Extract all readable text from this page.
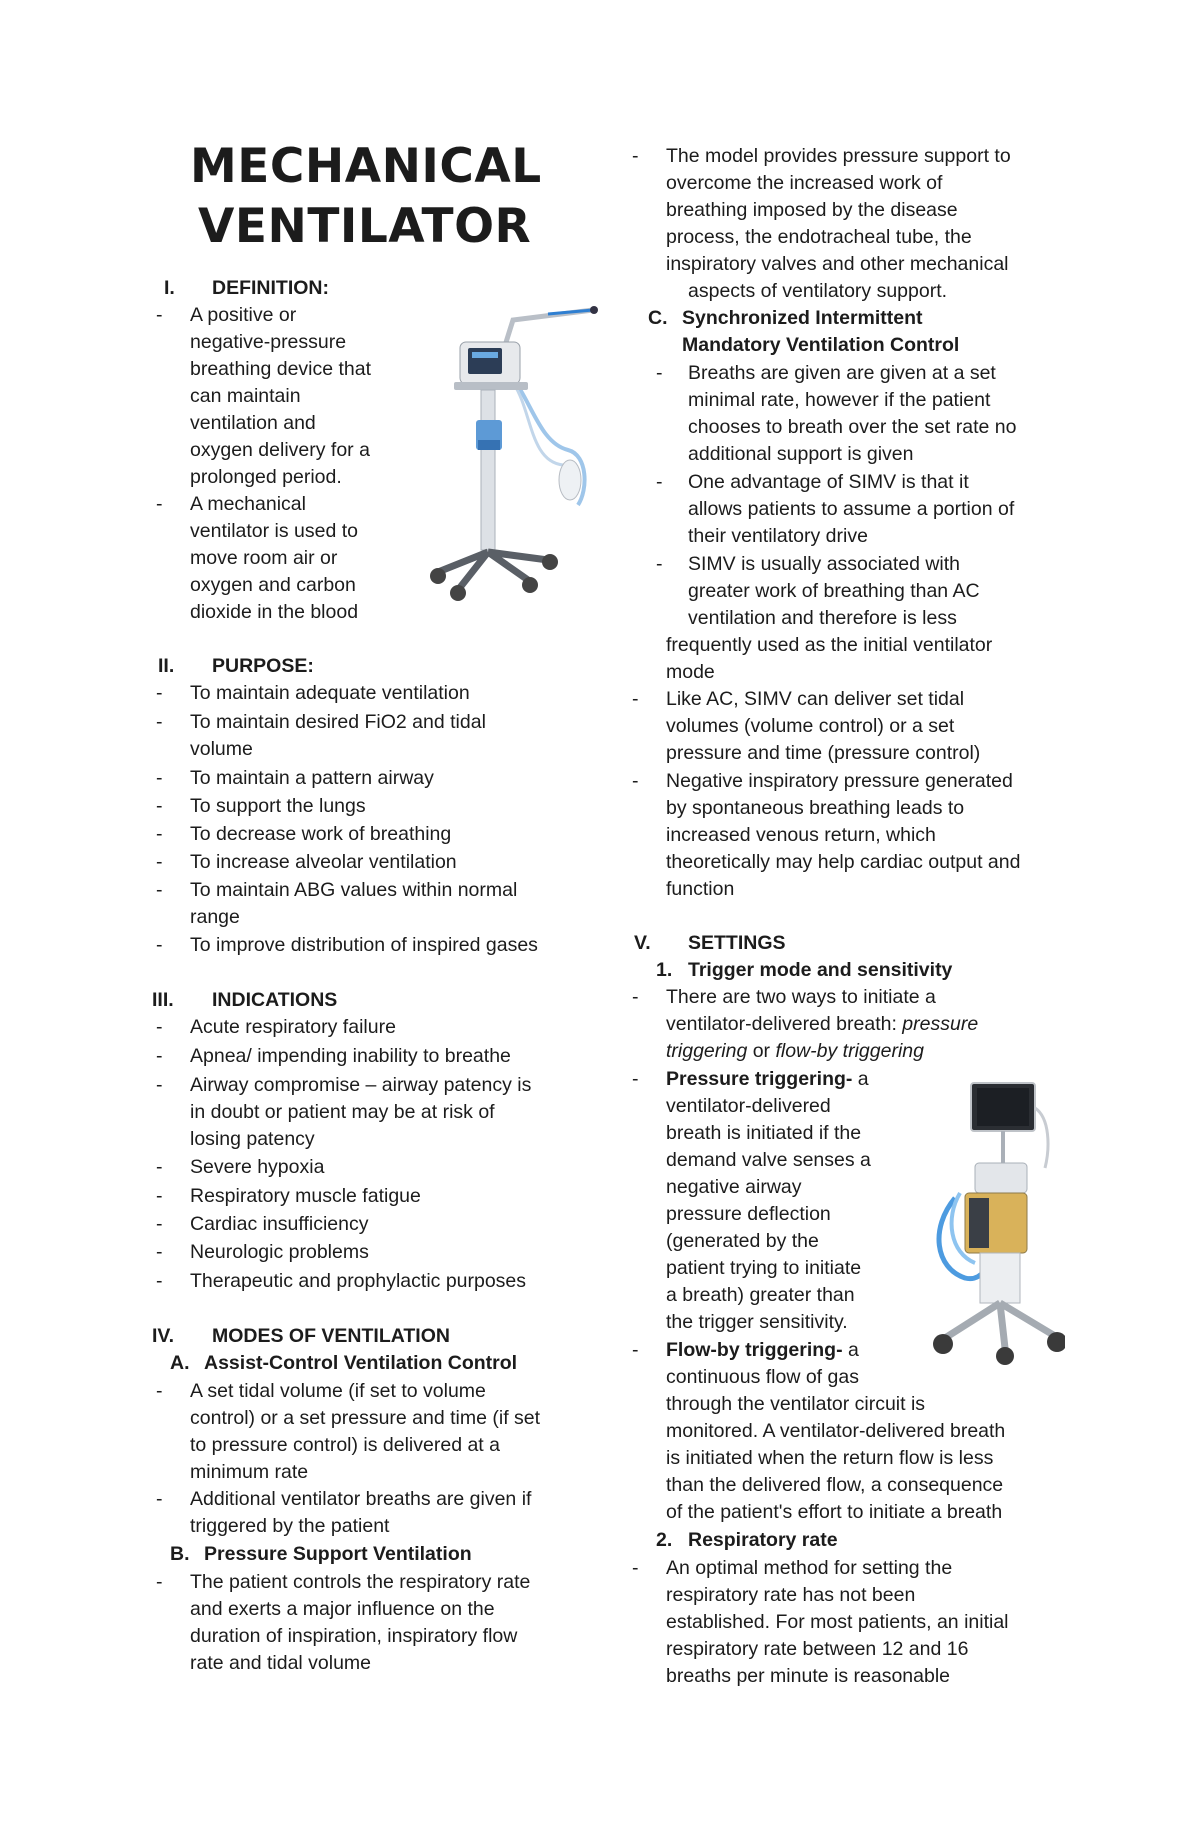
MECHANICAL
VENTILATOR
I. DEFINITION:
- A positive or
negative-pressure
breathing device that
can maintain
ventilation and
oxygen delivery for a
prolonged period.
- A mechanical
ventilator is used to
move room air or
oxygen and carbon
dioxide in the blood
II. PURPOSE:
- To maintain adequate ventilation
- To maintain desired FiO2 and tidal
volume
- To maintain a pattern airway
- To support the lungs
- To decrease work of breathing
- To increase alveolar ventilation
- To maintain ABG values within normal
range
- To improve distribution of inspired gases
III. INDICATIONS
- Acute respiratory failure
- Apnea/ impending inability to breathe
- Airway compromise – airway patency is
in doubt or patient may be at risk of
losing patency
- Severe hypoxia
- Respiratory muscle fatigue
- Cardiac insufficiency
- Neurologic problems
- Therapeutic and prophylactic purposes
IV. MODES OF VENTILATION
A. Assist-Control Ventilation Control
- A set tidal volume (if set to volume
control) or a set pressure and time (if set
to pressure control) is delivered at a
minimum rate
- Additional ventilator breaths are given if
triggered by the patient
B. Pressure Support Ventilation
- The patient controls the respiratory rate
and exerts a major influence on the
duration of inspiration, inspiratory flow
rate and tidal volume
- The model provides pressure support to
overcome the increased work of
breathing imposed by the disease
process, the endotracheal tube, the
inspiratory valves and other mechanical
aspects of ventilatory support.
C. Synchronized Intermittent
Mandatory Ventilation Control
- Breaths are given are given at a set
minimal rate, however if the patient
chooses to breath over the set rate no
additional support is given
- One advantage of SIMV is that it
allows patients to assume a portion of
their ventilatory drive
- SIMV is usually associated with
greater work of breathing than AC
ventilation and therefore is less
frequently used as the initial ventilator
mode
- Like AC, SIMV can deliver set tidal
volumes (volume control) or a set
pressure and time (pressure control)
- Negative inspiratory pressure generated
by spontaneous breathing leads to
increased venous return, which
theoretically may help cardiac output and
function
V. SETTINGS
1. Trigger mode and sensitivity
- There are two ways to initiate a
ventilator-delivered breath: pressure
triggering or flow-by triggering
- Pressure triggering- a
ventilator-delivered
breath is initiated if the
demand valve senses a
negative airway
pressure deflection
(generated by the
patient trying to initiate
a breath) greater than
the trigger sensitivity.
- Flow-by triggering- a
continuous flow of gas
through the ventilator circuit is
monitored. A ventilator-delivered breath
is initiated when the return flow is less
than the delivered flow, a consequence
of the patient's effort to initiate a breath
2. Respiratory rate
- An optimal method for setting the
respiratory rate has not been
established. For most patients, an initial
respiratory rate between 12 and 16
breaths per minute is reasonable
